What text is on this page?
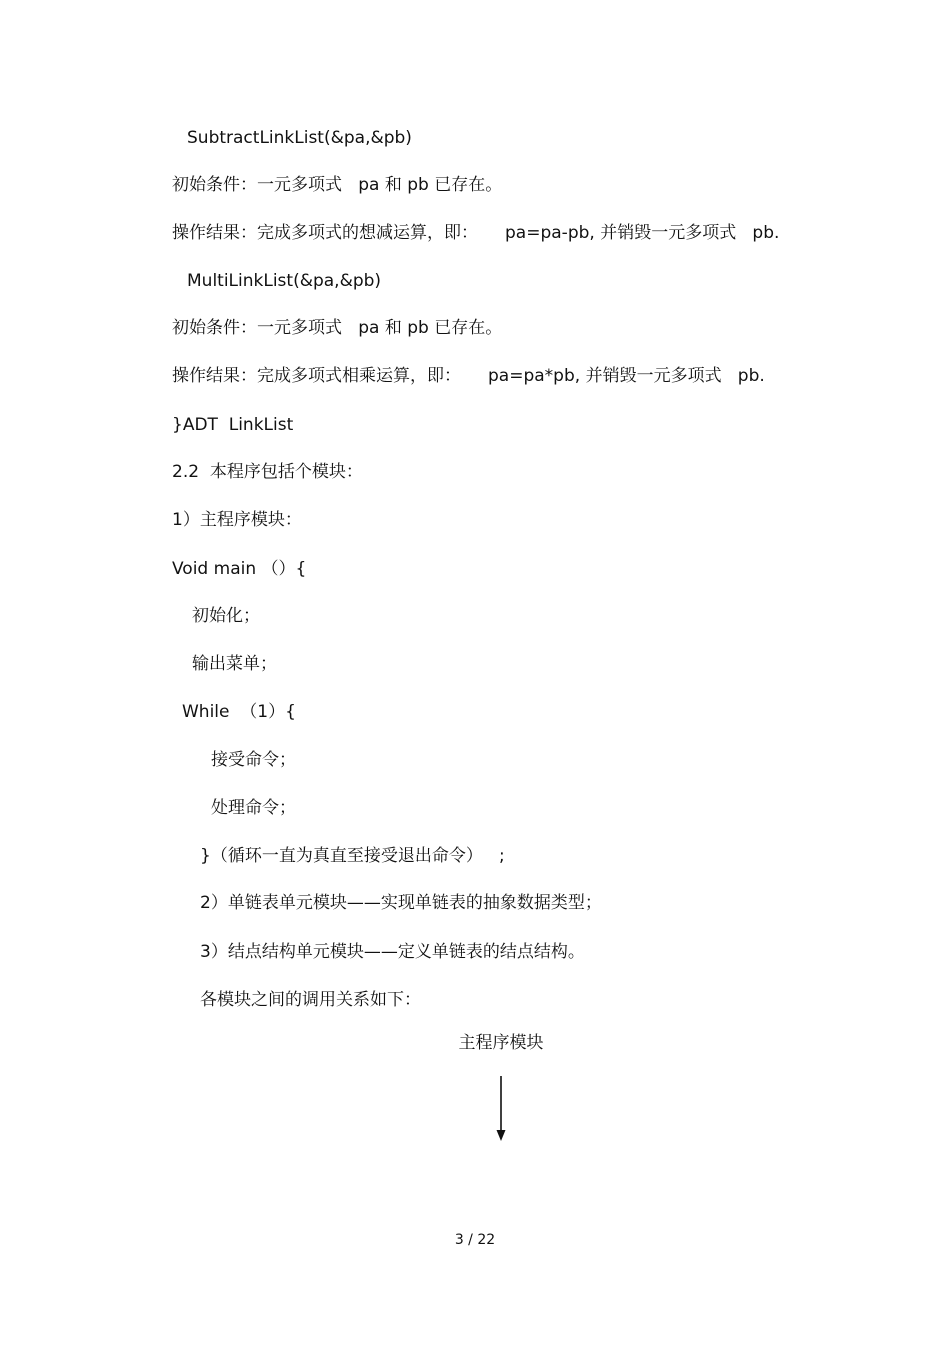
SubtractLinkList(&pa,&pb)
初始条件：一元多项式   pa 和 pb 已存在。
操作结果：完成多项式的想减运算，即：     pa=pa-pb, 并销毁一元多项式   pb.
MultiLinkList(&pa,&pb)
初始条件：一元多项式   pa 和 pb 已存在。
操作结果：完成多项式相乘运算，即：     pa=pa*pb, 并销毁一元多项式   pb.
}ADT  LinkList
2.2  本程序包括个模块：
1）主程序模块：
Void main （）{
初始化；
输出菜单；
While  （1）{
接受命令；
处理命令；
}（循环一直为真直至接受退出命令）   ;
2）单链表单元模块——实现单链表的抽象数据类型；
3）结点结构单元模块——定义单链表的结点结构。
各模块之间的调用关系如下：
主程序模块
3 / 22
